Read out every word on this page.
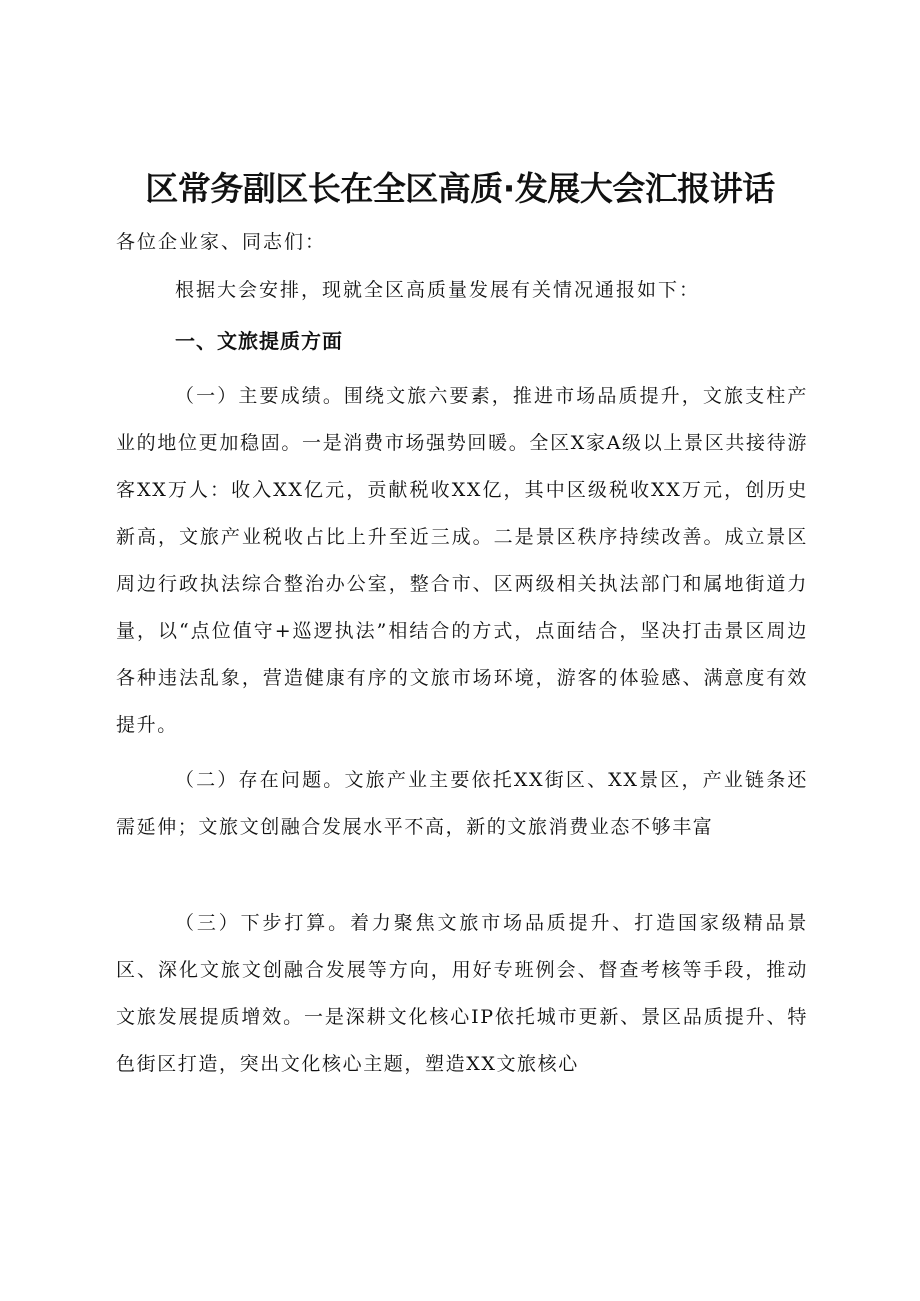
区常务副区长在全区高质·发展大会汇报讲话

各位企业家、同志们：

根据大会安排，现就全区高质量发展有关情况通报如下：

一、文旅提质方面

（一）主要成绩。围绕文旅六要素，推进市场品质提升，文旅支柱产业的地位更加稳固。一是消费市场强势回暖。全区X家A级以上景区共接待游客XX万人：收入XX亿元，贡献税收XX亿，其中区级税收XX万元，创历史新高，文旅产业税收占比上升至近三成。二是景区秩序持续改善。成立景区周边行政执法综合整治办公室，整合市、区两级相关执法部门和属地街道力量，以“点位值守+巡逻执法”相结合的方式，点面结合，坚决打击景区周边各种违法乱象，营造健康有序的文旅市场环境，游客的体验感、满意度有效提升。

（二）存在问题。文旅产业主要依托XX街区、XX景区，产业链条还需延伸；文旅文创融合发展水平不高，新的文旅消费业态不够丰富

（三）下步打算。着力聚焦文旅市场品质提升、打造国家级精品景区、深化文旅文创融合发展等方向，用好专班例会、督查考核等手段，推动文旅发展提质增效。一是深耕文化核心IP依托城市更新、景区品质提升、特色街区打造，突出文化核心主题，塑造XX文旅核心
